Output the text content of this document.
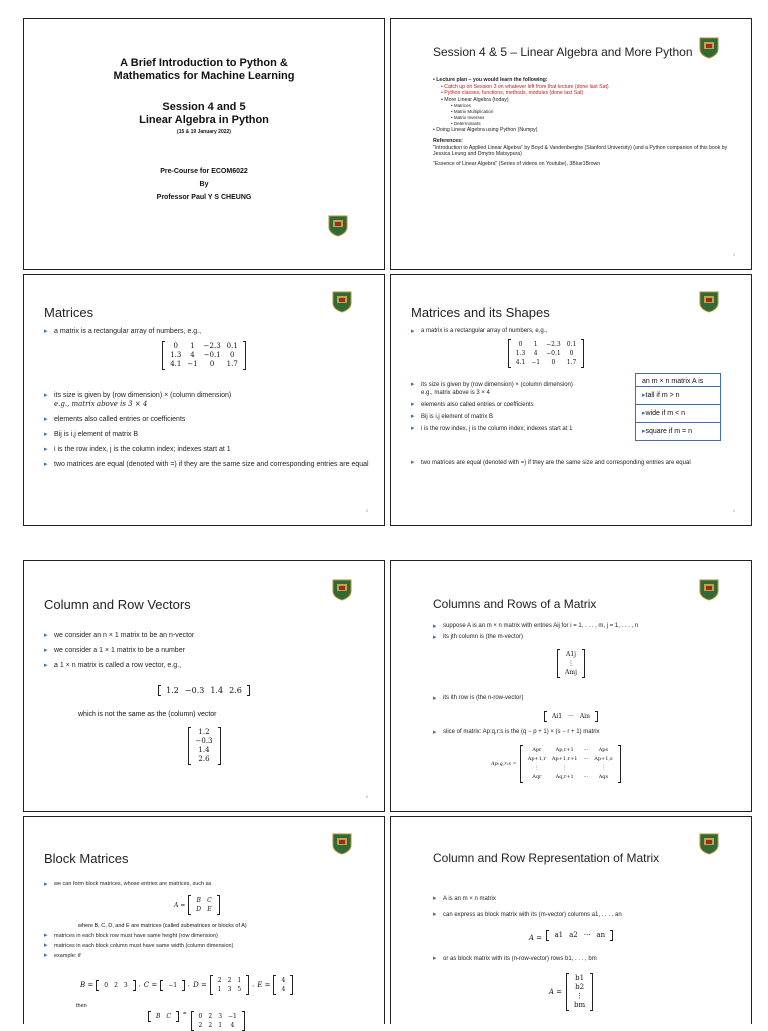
A Brief Introduction to Python &
Mathematics for Machine Learning
Session 4 and 5
Linear Algebra in Python
(15 & 19 January 2022)
Pre-Course for ECOM6022
By
Professor Paul Y S CHEUNG
Session 4 & 5 – Linear Algebra and More Python
• Lecture plan – you would learn the following:
• Catch up on Session 3 on whatever left from that lecture (done last Sat)
• Python classes, functions, methods, modules (done last Sat)
• More Linear Algebra (today)
• Matrices
• Matrix Multiplication
• Matrix Inverses
• Determinants
• Doing Linear Algebra using Python (Numpy)
References:
"Introduction to Applied Linear Algebra" by Boyd & Vandenberghe (Stanford University) (and a Python companion of this book by Jessica Leung and Dmytro Matsypura)
"Essence of Linear Algebra" (Series of videos on Youtube), 3Blue1Brown
2
Matrices
▸ a matrix is a rectangular array of numbers, e.g.,
0	1	−2.3	0.1
1.3	4	−0.1	0
4.1	−1	0	1.7
▸ its size is given by (row dimension) × (column dimension)
e.g., matrix above is 3 × 4
▸ elements also called entries or coefficients
▸ Bij is i,j element of matrix B
▸ i is the row index, j is the column index; indexes start at 1
▸ two matrices are equal (denoted with =) if they are the same size and corresponding entries are equal
3
Matrices and its Shapes
▸ a matrix is a rectangular array of numbers, e.g.,
0	1	−2.3	0.1
1.3	4	−0.1	0
4.1	−1	0	1.7
▸ its size is given by (row dimension) × (column dimension)
e.g., matrix above is 3 × 4
▸ elements also called entries or coefficients
▸ Bij is i,j element of matrix B
▸ i is the row index, j is the column index; indexes start at 1
▸ two matrices are equal (denoted with =) if they are the same size and corresponding entries are equal
an m × n matrix A is
▸ tall if m > n
▸ wide if m < n
▸ square if m = n
4
Column and Row Vectors
▸ we consider an n × 1 matrix to be an n-vector
▸ we consider a 1 × 1 matrix to be a number
▸ a 1 × n matrix is called a row vector, e.g.,
1.2	−0.3	1.4	2.6
which is not the same as the (column) vector
1.2
−0.3
1.4
2.6
5
Columns and Rows of a Matrix
▸ suppose A is an m × n matrix with entries Aij for i = 1, . . . , m, j = 1, . . . , n
▸ its jth column is (the m-vector)
A1j
⋮
Amj
▸ its ith row is (the n-row-vector)
Ai1	···	Ain
▸ slice of matrix: Ap:q,r:s is the (q − p + 1) × (s − r + 1) matrix
Ap:q,r:s =
Apr	Ap,r+1	···	Aps
Ap+1,r	Ap+1,r+1	···	Ap+1,s
⋮	⋮		⋮
Aqr	Aq,r+1	···	Aqs
Block Matrices
▸ we can form block matrices, whose entries are matrices, such as
A =
B	C
D	E
where B, C, D, and E are matrices (called submatrices or blocks of A)
▸ matrices in each block row must have same height (row dimension)
▸ matrices in each block column must have same width (column dimension)
▸ example: if
B = 0	2	3 , C = −1 , D =
2	2	1
1	3	5
, E =
4
4
then
B	C = 0	2	3	−1
2	2	1	4
Column and Row Representation of Matrix
▸ A is an m × n matrix
▸ can express as block matrix with its (m-vector) columns a1, . . . , an
A = a1	a2	···	an
▸ or as block matrix with its (n-row-vector) rows b1, . . . , bm
A =
b1
b2
⋮
bm
